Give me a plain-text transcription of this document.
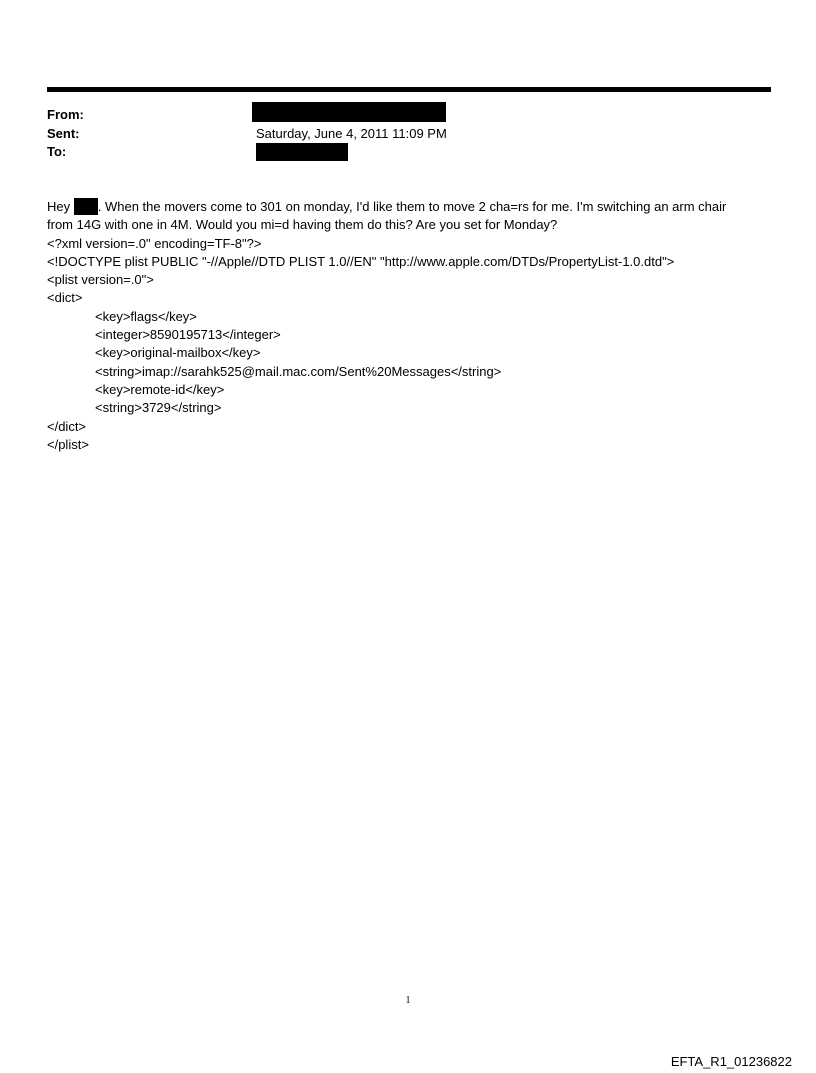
From:
Sent:	Saturday, June 4, 2011 11:09 PM
To:
Hey . When the movers come to 301 on monday, I'd like them to move 2 cha=rs for me. I'm switching an arm chair
from 14G with one in 4M. Would you mi=d having them do this? Are you set for Monday?
<?xml version=.0" encoding=TF-8"?>
<!DOCTYPE plist PUBLIC "-//Apple//DTD PLIST 1.0//EN" "http://www.apple.com/DTDs/PropertyList-1.0.dtd">
<plist version=.0">
<dict>
<key>flags</key>
<integer>8590195713</integer>
<key>original-mailbox</key>
<string>imap://sarahk525@mail.mac.com/Sent%20Messages</string>
<key>remote-id</key>
<string>3729</string>
</dict>
</plist>
1
EFTA_R1_01236822
